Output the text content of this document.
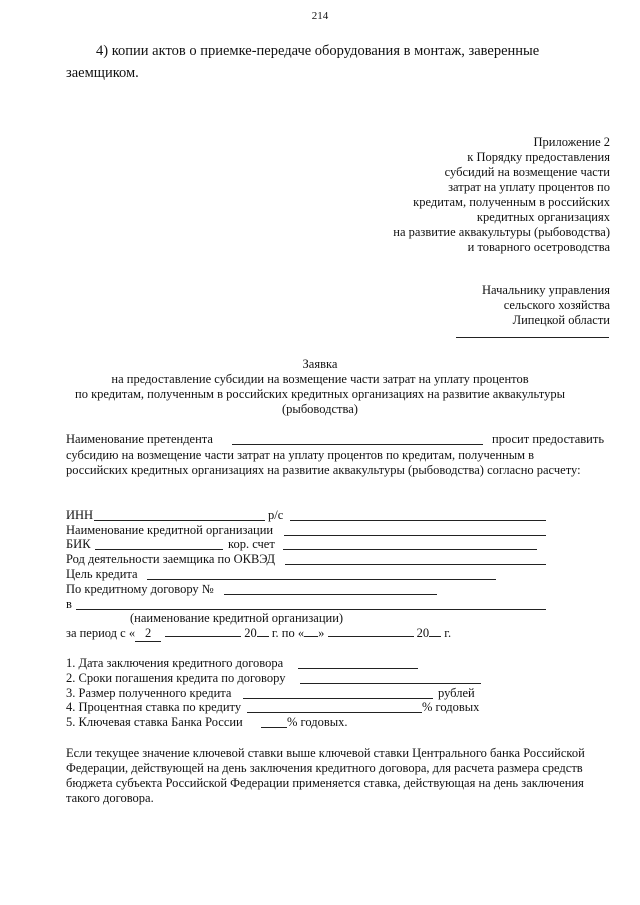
214
4) копии актов о приемке-передаче оборудования в монтаж, заверенные
заемщиком.
Приложение 2
к Порядку предоставления
субсидий на возмещение части
затрат на уплату процентов по
кредитам, полученным в российских
кредитных организациях
на развитие аквакультуры (рыбоводства)
и товарного осетроводства
Начальнику управления
сельского хозяйства
Липецкой области
Заявка
на предоставление субсидии на возмещение части затрат на уплату процентов
по кредитам, полученным в российских кредитных организациях на развитие аквакультуры
(рыбоводства)
Наименование претендента	просит предоставить
субсидию на возмещение части затрат на уплату процентов по кредитам, полученным в
российских кредитных организациях на развитие аквакультуры (рыбоводства) согласно расчету:
ИНН	р/с
Наименование кредитной организации
БИК	кор. счет
Род деятельности заемщика по ОКВЭД
Цель кредита
По кредитному договору №
в
(наименование кредитной организации)
за период с « 2	20 г. по « »	20 г.
1. Дата заключения кредитного договора
2. Сроки погашения кредита по договору
3. Размер полученного кредита	рублей
4. Процентная ставка по кредиту	% годовых
5. Ключевая ставка Банка России	% годовых.
Если текущее значение ключевой ставки выше ключевой ставки Центрального банка Российской
Федерации, действующей на день заключения кредитного договора, для расчета размера средств
бюджета субъекта Российской Федерации применяется ставка, действующая на день заключения
такого договора.
